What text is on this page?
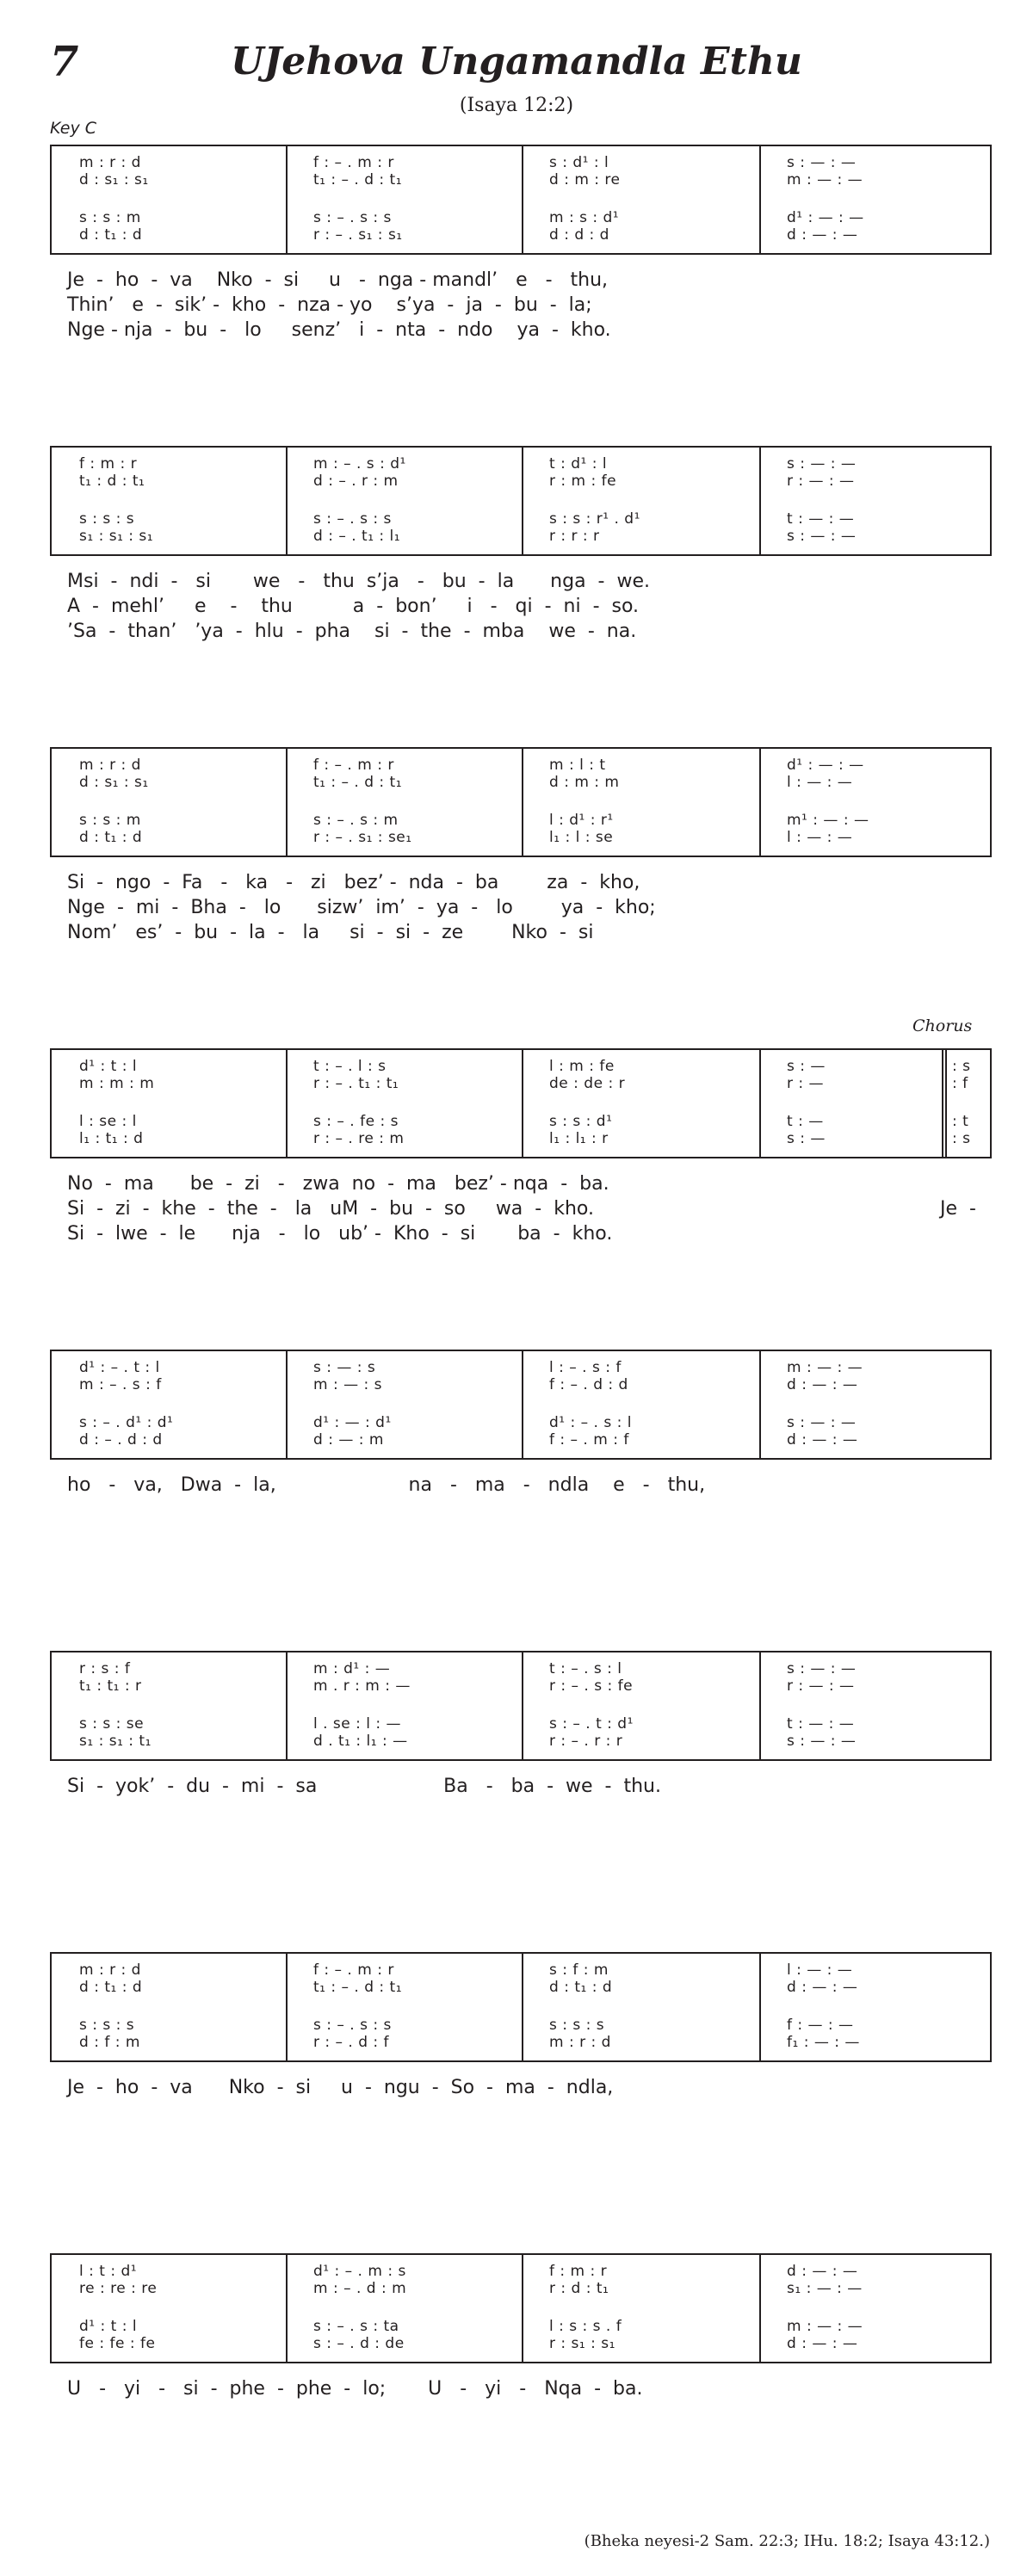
7	UJehova Ungamandla Ethu
(Isaya 12:2)
Key C
Chorus
m : r : d
d : s₁ : s₁
s : s : m
d : t₁ : d
f : – . m : r
t₁ : – . d : t₁
s : – . s : s
r : – . s₁ : s₁
s : d¹ : l
d : m : re
m : s : d¹
d : d : d
s : — : —
m : — : —
d¹ : — : —
d : — : —
Je  -  ho  -  va    Nko  -  si     u   -  nga - mandl’   e   -   thu,
Thin’   e  -  sik’ -  kho  -  nza - yo    s’ya  -  ja  -  bu  -  la;
Nge - nja  -  bu  -   lo     senz’   i  -  nta  -  ndo    ya  -  kho.
f : m : r
t₁ : d : t₁
s : s : s
s₁ : s₁ : s₁
m : – . s : d¹
d : – . r : m
s : – . s : s
d : – . t₁ : l₁
t : d¹ : l
r : m : fe
s : s : r¹ . d¹
r : r : r
s : — : —
r : — : —
t : — : —
s : — : —
Msi  -  ndi  -   si       we   -   thu  s’ja   -   bu  -  la      nga  -  we.
A  -  mehl’     e    -    thu          a  -  bon’     i   -   qi  -  ni  -  so.
’Sa  -  than’   ’ya  -  hlu  -  pha    si  -  the  -  mba    we  -  na.
m : r : d
d : s₁ : s₁
s : s : m
d : t₁ : d
f : – . m : r
t₁ : – . d : t₁
s : – . s : m
r : – . s₁ : se₁
m : l : t
d : m : m
l : d¹ : r¹
l₁ : l : se
d¹ : — : —
l : — : —
m¹ : — : —
l : — : —
Si  -  ngo  -  Fa   -   ka   -   zi   bez’ -  nda  -  ba        za  -  kho,
Nge  -  mi  -  Bha  -   lo      sizw’  im’  -  ya  -   lo        ya  -  kho;
Nom’   es’  -  bu  -  la  -   la     si  -  si  -  ze        Nko  -  si
d¹ : t : l
m : m : m
l : se : l
l₁ : t₁ : d
t : – . l : s
r : – . t₁ : t₁
s : – . fe : s
r : – . re : m
l : m : fe
de : de : r
s : s : d¹
l₁ : l₁ : r
s : —
r : —
t : —
s : —
: s
: f
: t
: s
No  -  ma      be  -  zi   -   zwa  no  -  ma   bez’ - nqa  -  ba.
Si  -  zi  -  khe  -  the  -   la   uM  -  bu  -  so     wa  -  kho.
Si  -  lwe  -  le      nja   -   lo   ub’ -  Kho  -  si       ba  -  kho.
Je  -
d¹ : – . t : l
m : – . s : f
s : – . d¹ : d¹
d : – . d : d
s : — : s
m : — : s
d¹ : — : d¹
d : — : m
l : – . s : f
f : – . d : d
d¹ : – . s : l
f : – . m : f
m : — : —
d : — : —
s : — : —
d : — : —
ho   -   va,   Dwa  -  la,                      na   -   ma   -   ndla    e   -   thu,
r : s : f
t₁ : t₁ : r
s : s : se
s₁ : s₁ : t₁
m : d¹ : —
m . r : m : —
l . se : l : —
d . t₁ : l₁ : —
t : – . s : l
r : – . s : fe
s : – . t : d¹
r : – . r : r
s : — : —
r : — : —
t : — : —
s : — : —
Si  -  yok’  -  du  -  mi  -  sa                     Ba   -   ba  -  we  -  thu.
m : r : d
d : t₁ : d
s : s : s
d : f : m
f : – . m : r
t₁ : – . d : t₁
s : – . s : s
r : – . d : f
s : f : m
d : t₁ : d
s : s : s
m : r : d
l : — : —
d : — : —
f : — : —
f₁ : — : —
Je  -  ho  -  va      Nko  -  si     u  -  ngu  -  So  -  ma  -  ndla,
l : t : d¹
re : re : re
d¹ : t : l
fe : fe : fe
d¹ : – . m : s
m : – . d : m
s : – . s : ta
s : – . d : de
f : m : r
r : d : t₁
l : s : s . f
r : s₁ : s₁
d : — : —
s₁ : — : —
m : — : —
d : — : —
U   -   yi   -   si  -  phe  -  phe  -  lo;       U   -   yi   -   Nqa  -  ba.
(Bheka neyesi-2 Sam. 22:3; IHu. 18:2; Isaya 43:12.)
